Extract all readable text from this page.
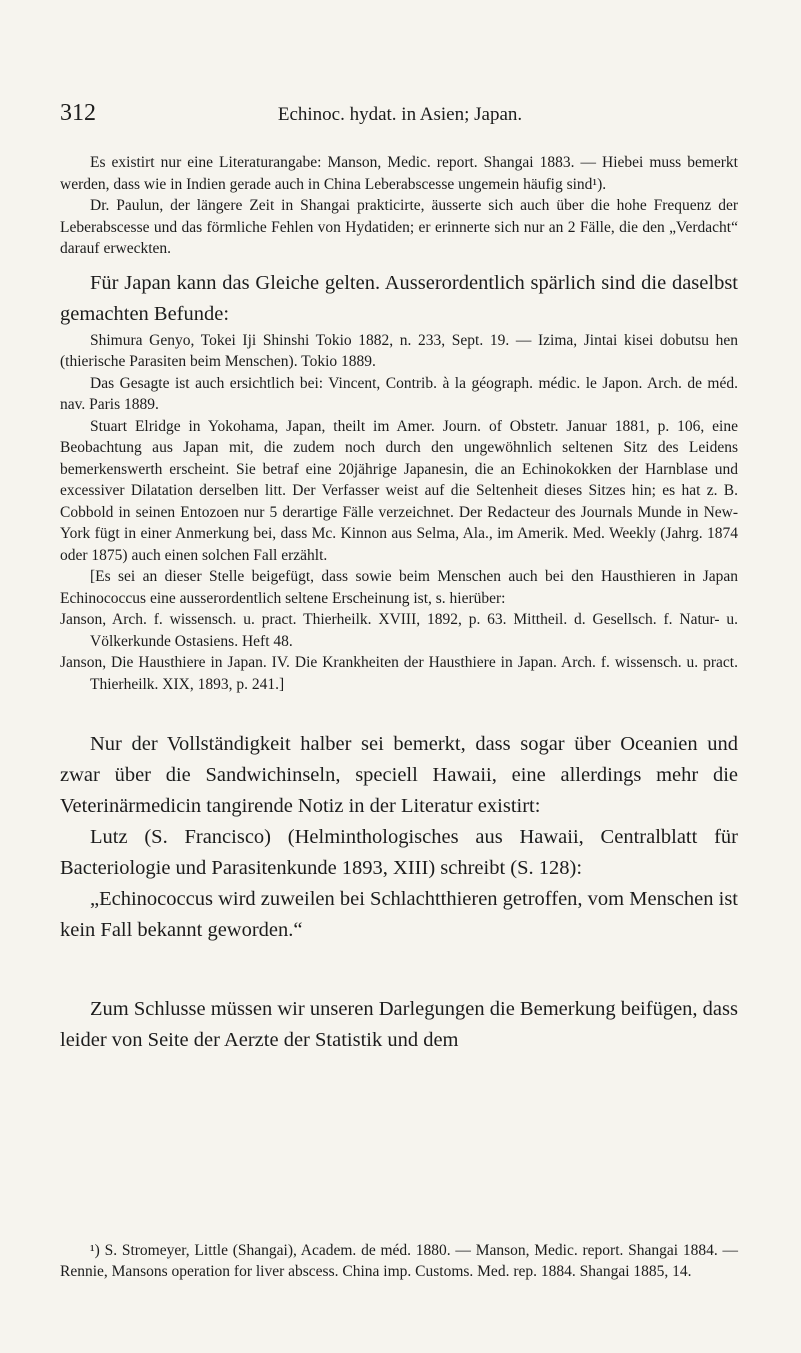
312	Echinoc. hydat. in Asien; Japan.

Es existirt nur eine Literaturangabe: Manson, Medic. report. Shangai 1883. — Hiebei muss bemerkt werden, dass wie in Indien gerade auch in China Leberabscesse ungemein häufig sind¹).

Dr. Paulun, der längere Zeit in Shangai prakticirte, äusserte sich auch über die hohe Frequenz der Leberabscesse und das förmliche Fehlen von Hydatiden; er erinnerte sich nur an 2 Fälle, die den „Verdacht“ darauf erweckten.

Für Japan kann das Gleiche gelten. Ausserordentlich spärlich sind die daselbst gemachten Befunde:

Shimura Genyo, Tokei Iji Shinshi Tokio 1882, n. 233, Sept. 19. — Izima, Jintai kisei dobutsu hen (thierische Parasiten beim Menschen). Tokio 1889.

Das Gesagte ist auch ersichtlich bei: Vincent, Contrib. à la géograph. médic. le Japon. Arch. de méd. nav. Paris 1889.

Stuart Elridge in Yokohama, Japan, theilt im Amer. Journ. of Obstetr. Januar 1881, p. 106, eine Beobachtung aus Japan mit, die zudem noch durch den ungewöhnlich seltenen Sitz des Leidens bemerkenswerth erscheint. Sie betraf eine 20jährige Japanesin, die an Echinokokken der Harnblase und excessiver Dilatation derselben litt. Der Verfasser weist auf die Seltenheit dieses Sitzes hin; es hat z. B. Cobbold in seinen Entozoen nur 5 derartige Fälle verzeichnet. Der Redacteur des Journals Munde in New-York fügt in einer Anmerkung bei, dass Mc. Kinnon aus Selma, Ala., im Amerik. Med. Weekly (Jahrg. 1874 oder 1875) auch einen solchen Fall erzählt.

[Es sei an dieser Stelle beigefügt, dass sowie beim Menschen auch bei den Hausthieren in Japan Echinococcus eine ausserordentlich seltene Erscheinung ist, s. hierüber:

Janson, Arch. f. wissensch. u. pract. Thierheilk. XVIII, 1892, p. 63. Mittheil. d. Gesellsch. f. Natur- u. Völkerkunde Ostasiens. Heft 48.

Janson, Die Hausthiere in Japan. IV. Die Krankheiten der Hausthiere in Japan. Arch. f. wissensch. u. pract. Thierheilk. XIX, 1893, p. 241.]

Nur der Vollständigkeit halber sei bemerkt, dass sogar über Oceanien und zwar über die Sandwichinseln, speciell Hawaii, eine allerdings mehr die Veterinärmedicin tangirende Notiz in der Literatur existirt:

Lutz (S. Francisco) (Helminthologisches aus Hawaii, Centralblatt für Bacteriologie und Parasitenkunde 1893, XIII) schreibt (S. 128):

„Echinococcus wird zuweilen bei Schlachtthieren getroffen, vom Menschen ist kein Fall bekannt geworden.“

Zum Schlusse müssen wir unseren Darlegungen die Bemerkung beifügen, dass leider von Seite der Aerzte der Statistik und dem

¹) S. Stromeyer, Little (Shangai), Academ. de méd. 1880. — Manson, Medic. report. Shangai 1884. — Rennie, Mansons operation for liver abscess. China imp. Customs. Med. rep. 1884. Shangai 1885, 14.
